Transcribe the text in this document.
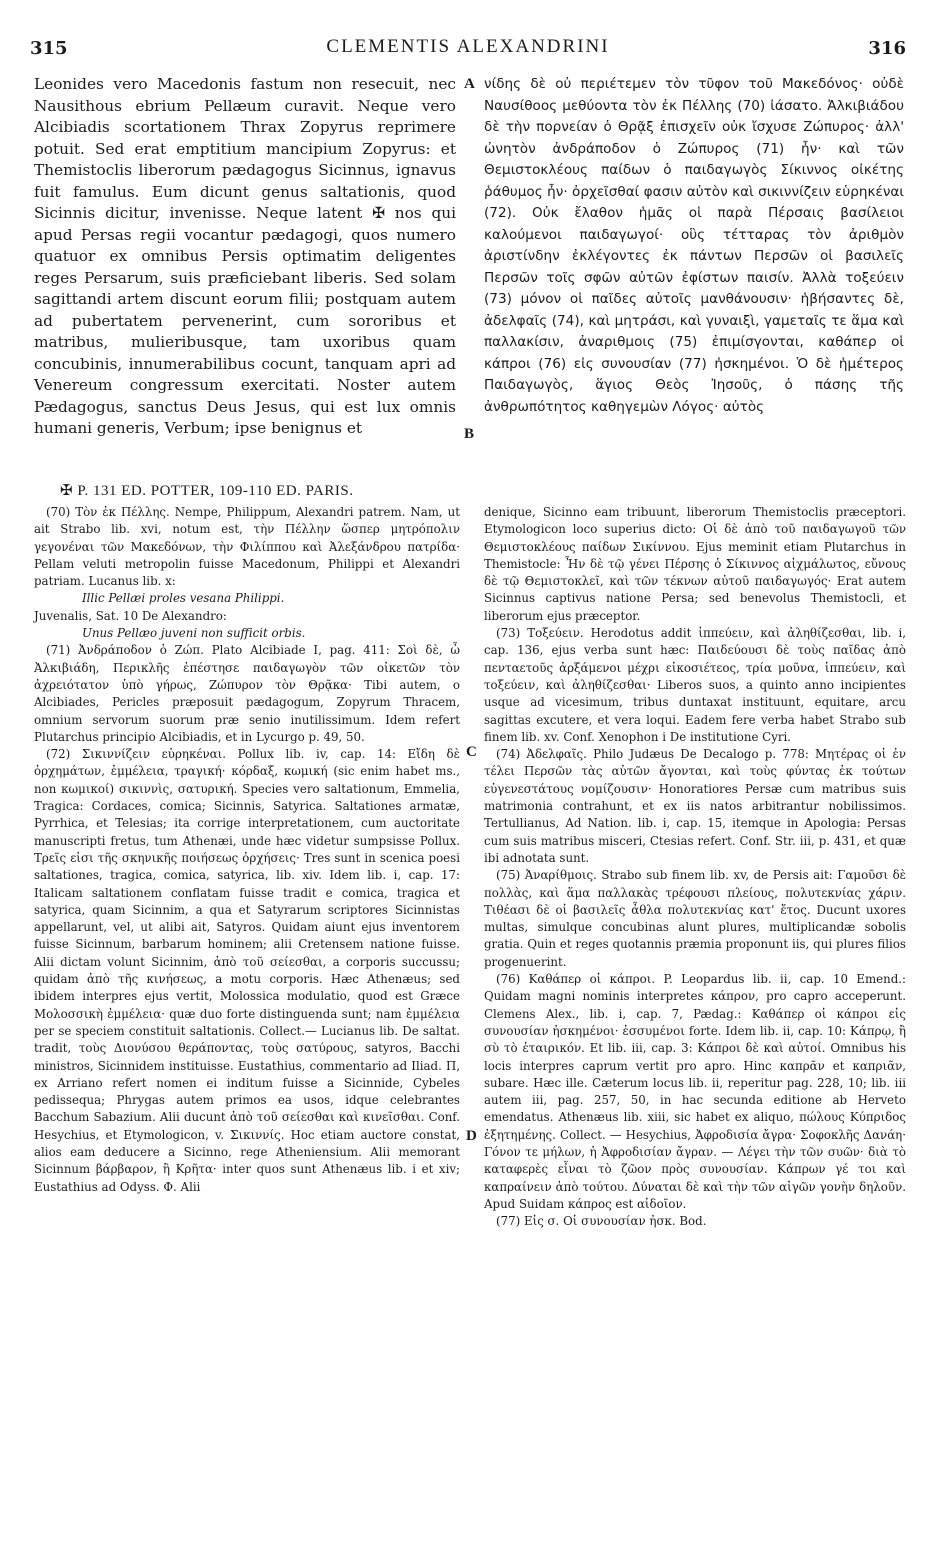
315	CLEMENTIS ALEXANDRINI	316

Leonides vero Macedonis fastum non resecuit, nec Nausithous ebrium Pellæum curavit. Neque vero Alcibiadis scortationem Thrax Zopyrus reprimere potuit. Sed erat emptitium mancipium Zopyrus: et Themistoclis liberorum pædagogus Sicinnus, ignavus fuit famulus. Eum dicunt genus saltationis, quod Sicinnis dicitur, invenisse. Neque latent ✠ nos qui apud Persas regii vocantur pædagogi, quos numero quatuor ex omnibus Persis optimatim deligentes reges Persarum, suis præficiebant liberis. Sed solam sagittandi artem discunt eorum filii; postquam autem ad pubertatem pervenerint, cum sororibus et matribus, mulieribusque, tam uxoribus quam concubinis, innumerabilibus cocunt, tanquam apri ad Venereum congressum exercitati. Noster autem Pædagogus, sanctus Deus Jesus, qui est lux omnis humani generis, Verbum; ipse benignus et

νίδης δὲ οὐ περιέτεμεν τὸν τῦφον τοῦ Μακεδόνος· οὐδὲ Ναυσίθοος μεθύοντα τὸν ἐκ Πέλλης (70) ἰάσατο. Ἀλκιβιάδου δὲ τὴν πορνείαν ὁ Θρᾷξ ἐπισχεῖν οὐκ ἴσχυσε Ζώπυρος· ἀλλ' ὠνητὸν ἀνδράποδον ὁ Ζώπυρος (71) ἦν· καὶ τῶν Θεμιστοκλέους παίδων ὁ παιδαγωγὸς Σίκιννος οἰκέτης ῥάθυμος ἦν· ὀρχεῖσθαί φασιν αὐτὸν καὶ σικιννίζειν εὑρηκέναι (72). Οὐκ ἔλαθον ἡμᾶς οἱ παρὰ Πέρσαις βασίλειοι καλούμενοι παιδαγωγοί· οὓς τέτταρας τὸν ἀριθμὸν ἀριστίνδην ἐκλέγοντες ἐκ πάντων Περσῶν οἱ βασιλεῖς Περσῶν τοῖς σφῶν αὐτῶν ἐφίστων παισίν. Ἀλλὰ τοξεύειν (73) μόνον οἱ παῖδες αὐτοῖς μανθάνουσιν· ἡβήσαντες δὲ, ἀδελφαῖς (74), καὶ μητράσι, καὶ γυναιξὶ, γαμεταῖς τε ἅμα καὶ παλλακίσιν, ἀναριθμοις (75) ἐπιμίσγονται, καθάπερ οἱ κάπροι (76) εἰς συνουσίαν (77) ἠσκημένοι. Ὁ δὲ ἡμέτερος Παιδαγωγὸς, ἅγιος Θεὸς Ἰησοῦς, ὁ πάσης τῆς ἀνθρωπότητος καθηγεμὼν Λόγος· αὐτὸς

A
B
C
D
✠ P. 131 ED. POTTER, 109-110 ED. PARIS.

(70) Τὸν ἐκ Πέλλης. Nempe, Philippum, Alexandri patrem. Nam, ut ait Strabo lib. xvi, notum est, τὴν Πέλλην ὥσπερ μητρόπολιν γεγονέναι τῶν Μακεδόνων, τὴν Φιλίππου καὶ Ἀλεξάνδρου πατρίδα· Pellam veluti metropolin fuisse Macedonum, Philippi et Alexandri patriam. Lucanus lib. x:

Illic Pellæi proles vesana Philippi.

Juvenalis, Sat. 10 De Alexandro:

Unus Pellæo juveni non sufficit orbis.

(71) Ἀνδράποδον ὁ Ζώπ. Plato Alcibiade I, pag. 411: Σοὶ δὲ, ὦ Ἀλκιβιάδη, Περικλῆς ἐπέστησε παιδαγωγὸν τῶν οἰκετῶν τὸν ἀχρειότατον ὑπὸ γήρως, Ζώπυρον τὸν Θρᾷκα· Tibi autem, o Alcibiades, Pericles præposuit pædagogum, Zopyrum Thracem, omnium servorum suorum præ senio inutilissimum. Idem refert Plutarchus principio Alcibiadis, et in Lycurgo p. 49, 50.

(72) Σικιννίζειν εὑρηκέναι. Pollux lib. iv, cap. 14: Εἴδη δὲ ὀρχημάτων, ἐμμέλεια, τραγική· κόρδαξ, κωμική (sic enim habet ms., non κωμικοί) σικιννὶς, σατυρική. Species vero saltationum, Emmelia, Tragica: Cordaces, comica; Sicinnis, Satyrica. Saltationes armatæ, Pyrrhica, et Telesias; ita corrige interpretationem, cum auctoritate manuscripti fretus, tum Athenæi, unde hæc videtur sumpsisse Pollux. Τρεῖς εἰσι τῆς σκηνικῆς ποιήσεως ὀρχήσεις· Tres sunt in scenica poesi saltationes, tragica, comica, satyrica, lib. xiv. Idem lib. i, cap. 17: Italicam saltationem conflatam fuisse tradit e comica, tragica et satyrica, quam Sicinnim, a qua et Satyrarum scriptores Sicinnistas appellarunt, vel, ut alibi ait, Satyros. Quidam aiunt ejus inventorem fuisse Sicinnum, barbarum hominem; alii Cretensem natione fuisse. Alii dictam volunt Sicinnim, ἀπὸ τοῦ σείεσθαι, a corporis succussu; quidam ἀπὸ τῆς κινήσεως, a motu corporis. Hæc Athenæus; sed ibidem interpres ejus vertit, Molossica modulatio, quod est Græce Μολοσσικὴ ἐμμέλεια· quæ duo forte distinguenda sunt; nam ἐμμέλεια per se speciem constituit saltationis. Collect.— Lucianus lib. De saltat. tradit, τοὺς Διονύσου θεράποντας, τοὺς σατύρους, satyros, Bacchi ministros, Sicinnidem instituisse. Eustathius, commentario ad Iliad. Π, ex Arriano refert nomen ei inditum fuisse a Sicinnide, Cybeles pedissequa; Phrygas autem primos ea usos, idque celebrantes Bacchum Sabazium. Alii ducunt ἀπὸ τοῦ σείεσθαι καὶ κινεῖσθαι. Conf. Hesychius, et Etymologicon, v. Σικιννίς. Hoc etiam auctore constat, alios eam deducere a Sicinno, rege Atheniensium. Alii memorant Sicinnum βάρβαρον, ἢ Κρῆτα· inter quos sunt Athenæus lib. i et xiv; Eustathius ad Odyss. Φ. Alii

denique, Sicinno eam tribuunt, liberorum Themistoclis præceptori. Etymologicon loco superius dicto: Οἱ δὲ ἀπὸ τοῦ παιδαγωγοῦ τῶν Θεμιστοκλέους παίδων Σικίννου. Ejus meminit etiam Plutarchus in Themistocle: Ἦν δὲ τῷ γένει Πέρσης ὁ Σίκιννος αἰχμάλωτος, εὔνους δὲ τῷ Θεμιστοκλεῖ, καὶ τῶν τέκνων αὐτοῦ παιδαγωγός· Erat autem Sicinnus captivus natione Persa; sed benevolus Themistocli, et liberorum ejus præceptor.

(73) Τοξεύειν. Herodotus addit ἱππεύειν, καὶ ἀληθίζεσθαι, lib. i, cap. 136, ejus verba sunt hæc: Παιδεύουσι δὲ τοὺς παῖδας ἀπὸ πενταετοῦς ἀρξάμενοι μέχρι εἰκοσιέτεος, τρία μοῦνα, ἱππεύειν, καὶ τοξεύειν, καὶ ἀληθίζεσθαι· Liberos suos, a quinto anno incipientes usque ad vicesimum, tribus duntaxat instituunt, equitare, arcu sagittas excutere, et vera loqui. Eadem fere verba habet Strabo sub finem lib. xv. Conf. Xenophon i De institutione Cyri.

(74) Ἀδελφαῖς. Philo Judæus De Decalogo p. 778: Μητέρας οἱ ἐν τέλει Περσῶν τὰς αὐτῶν ἄγονται, καὶ τοὺς φύντας ἐκ τούτων εὐγενεστάτους νομίζουσιν· Honoratiores Persæ cum matribus suis matrimonia contrahunt, et ex iis natos arbitrantur nobilissimos. Tertullianus, Ad Nation. lib. i, cap. 15, itemque in Apologia: Persas cum suis matribus misceri, Ctesias refert. Conf. Str. iii, p. 431, et quæ ibi adnotata sunt.

(75) Ἀναρίθμοις. Strabo sub finem lib. xv, de Persis ait: Γαμοῦσι δὲ πολλὰς, καὶ ἅμα παλλακὰς τρέφουσι πλείους, πολυτεκνίας χάριν. Τιθέασι δὲ οἱ βασιλεῖς ἆθλα πολυτεκνίας κατ' ἔτος. Ducunt uxores multas, simulque concubinas alunt plures, multiplicandæ sobolis gratia. Quin et reges quotannis præmia proponunt iis, qui plures filios progenuerint.

(76) Καθάπερ οἱ κάπροι. P. Leopardus lib. ii, cap. 10 Emend.: Quidam magni nominis interpretes κάπρον, pro capro acceperunt. Clemens Alex., lib. i, cap. 7, Pædag.: Καθάπερ οἱ κάπροι εἰς συνουσίαν ἠσκημένοι· ἐσσυμένοι forte. Idem lib. ii, cap. 10: Κάπρῳ, ἢ σὺ τὸ ἑταιρικόν. Et lib. iii, cap. 3: Κάπροι δὲ καὶ αὐτοί. Omnibus his locis interpres caprum vertit pro apro. Hinc καπρᾶν et καπριᾶν, subare. Hæc ille. Cæterum locus lib. ii, reperitur pag. 228, 10; lib. iii autem iii, pag. 257, 50, in hac secunda editione ab Herveto emendatus. Athenæus lib. xiii, sic habet ex aliquo, πώλους Κύπριδος ἐξητημένης. Collect. — Hesychius, Ἀφροδισία ἄγρα· Σοφοκλῆς Δανάη· Γόνον τε μήλων, ἡ Ἀφροδισίαν ἄγραν. — Λέγει τὴν τῶν συῶν· διὰ τὸ καταφερὲς εἶναι τὸ ζῶον πρὸς συνουσίαν. Κάπρων γέ τοι καὶ καπραίνειν ἀπὸ τούτου. Δύναται δὲ καὶ τὴν τῶν αἰγῶν γονὴν δηλοῦν. Apud Suidam κάπρος est αἰδοῖον.

(77) Εἰς σ. Οἱ συνουσίαν ἠσκ. Bod.
